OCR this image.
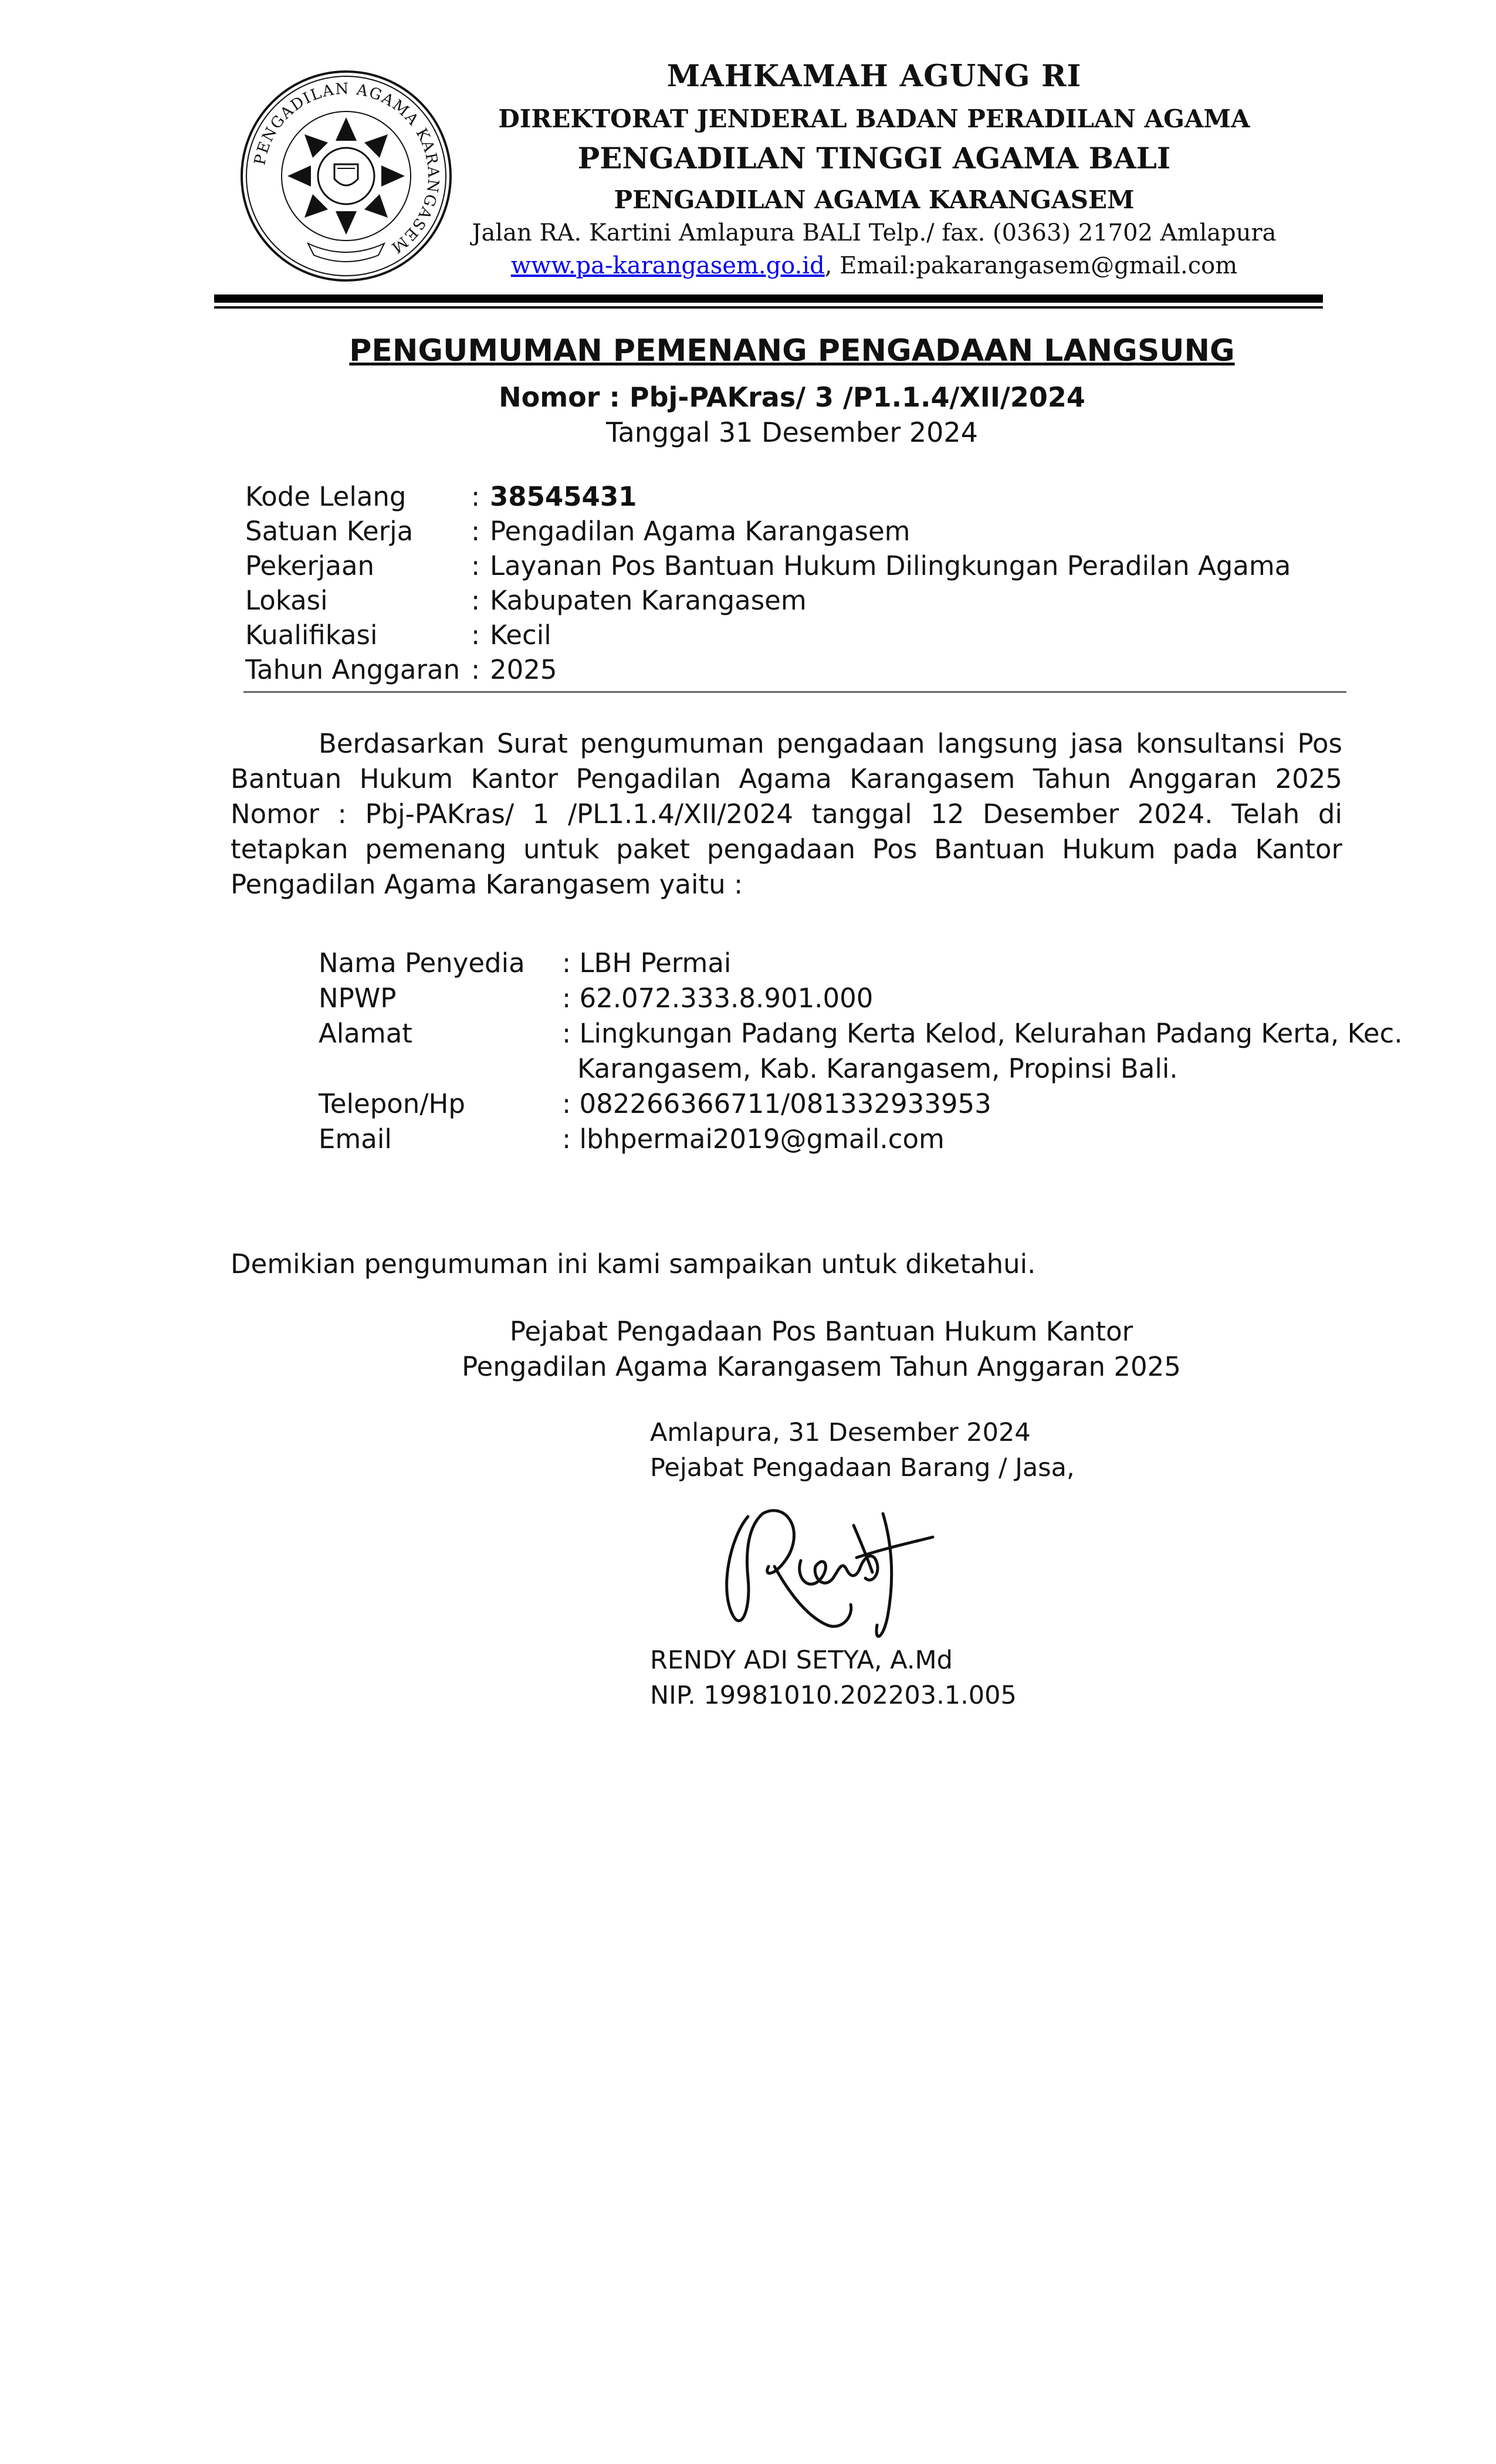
PENGADILAN AGAMA KARANGASEM
MAHKAMAH AGUNG RI
DIREKTORAT JENDERAL BADAN PERADILAN AGAMA
PENGADILAN TINGGI AGAMA BALI
PENGADILAN AGAMA KARANGASEM
Jalan RA. Kartini Amlapura BALI Telp./ fax. (0363) 21702 Amlapura
www.pa-karangasem.go.id, Email:pakarangasem@gmail.com
PENGUMUMAN PEMENANG PENGADAAN LANGSUNG
Nomor : Pbj-PAKras/ 3 /P1.1.4/XII/2024
Tanggal 31 Desember 2024
Kode Lelang	:	38545431
Satuan Kerja	:	Pengadilan Agama Karangasem
Pekerjaan	:	Layanan Pos Bantuan Hukum Dilingkungan Peradilan Agama
Lokasi	:	Kabupaten Karangasem
Kualifikasi	:	Kecil
Tahun Anggaran	:	2025
Berdasarkan Surat pengumuman pengadaan langsung jasa konsultansi Pos Bantuan Hukum Kantor Pengadilan Agama Karangasem Tahun Anggaran 2025 Nomor : Pbj-PAKras/ 1 /PL1.1.4/XII/2024 tanggal 12 Desember 2024. Telah di tetapkan pemenang untuk paket pengadaan Pos Bantuan Hukum pada Kantor Pengadilan Agama Karangasem yaitu :
Nama Penyedia	: LBH Permai
NPWP	: 62.072.333.8.901.000
Alamat	: Lingkungan Padang Kerta Kelod, Kelurahan Padang Kerta, Kec.
Karangasem, Kab. Karangasem, Propinsi Bali.

Telepon/Hp	: 082266366711/081332933953
Email	: lbhpermai2019@gmail.com
Demikian pengumuman ini kami sampaikan untuk diketahui.
Pejabat Pengadaan Pos Bantuan Hukum Kantor
Pengadilan Agama Karangasem Tahun Anggaran 2025
Amlapura, 31 Desember 2024
Pejabat Pengadaan Barang / Jasa,
RENDY ADI SETYA, A.Md
NIP. 19981010.202203.1.005
